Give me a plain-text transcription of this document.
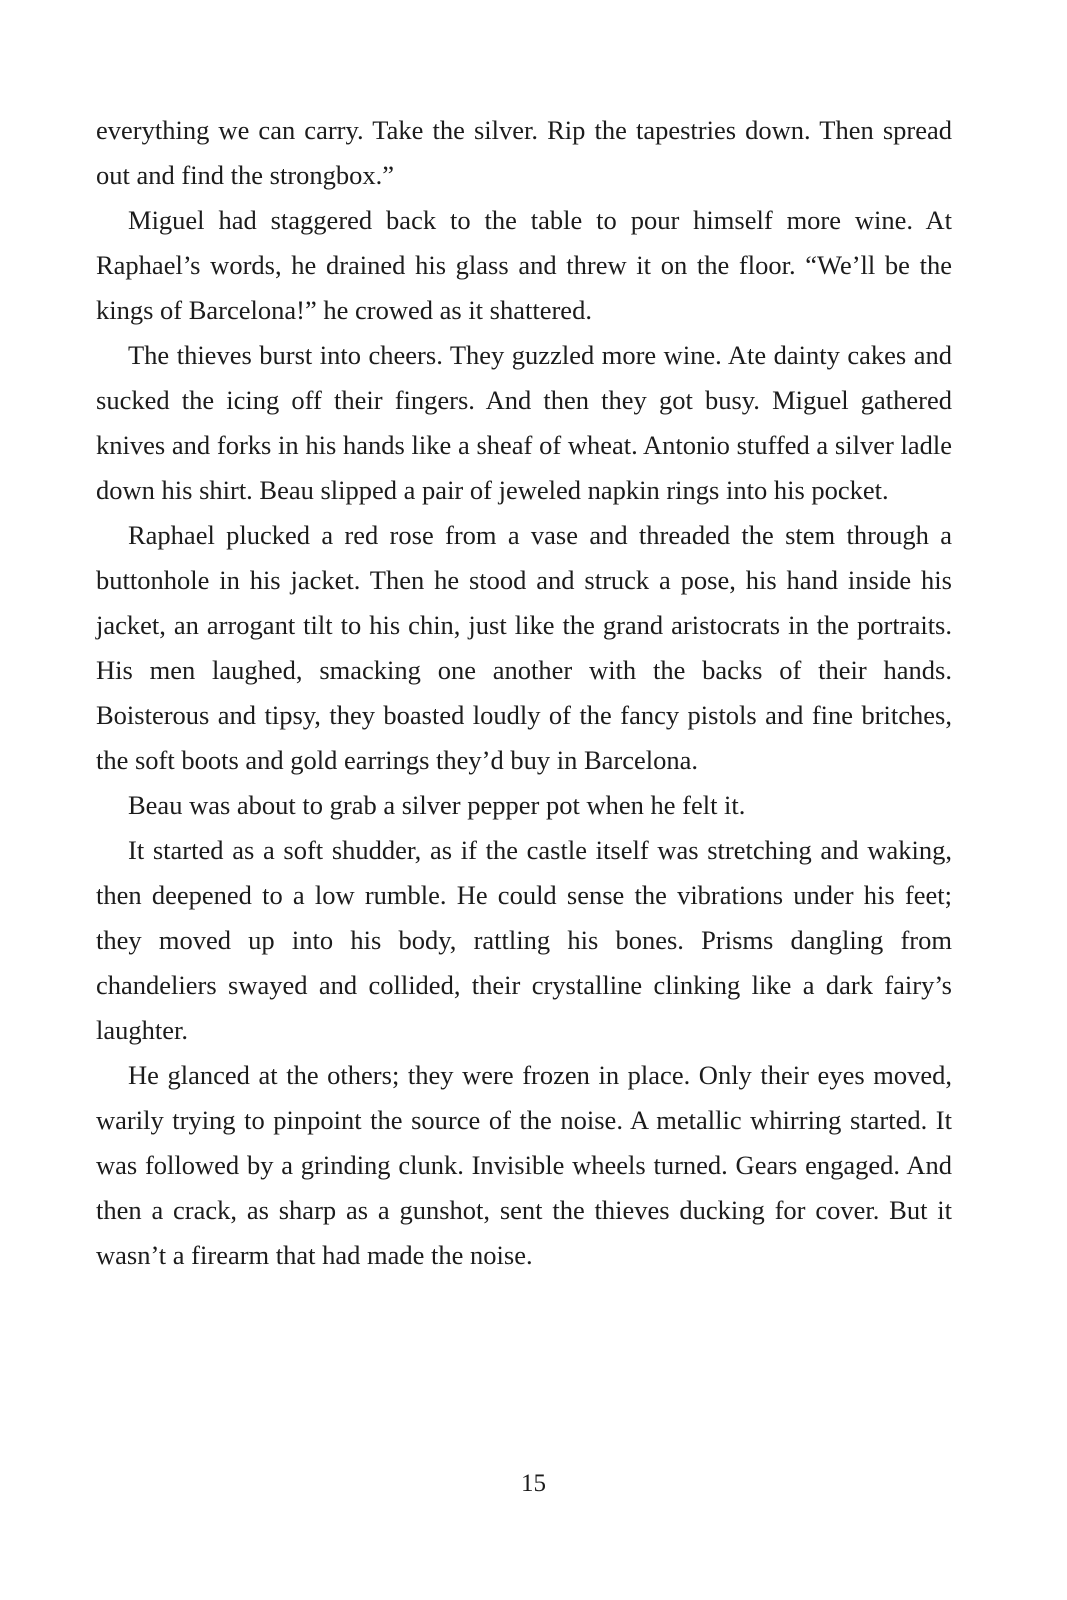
everything we can carry. Take the silver. Rip the tapestries down. Then spread out and find the strongbox.”

Miguel had staggered back to the table to pour himself more wine. At Raphael’s words, he drained his glass and threw it on the floor. “We’ll be the kings of Barcelona!” he crowed as it shattered.

The thieves burst into cheers. They guzzled more wine. Ate dainty cakes and sucked the icing off their fingers. And then they got busy. Miguel gathered knives and forks in his hands like a sheaf of wheat. Antonio stuffed a silver ladle down his shirt. Beau slipped a pair of jeweled napkin rings into his pocket.

Raphael plucked a red rose from a vase and threaded the stem through a buttonhole in his jacket. Then he stood and struck a pose, his hand inside his jacket, an arrogant tilt to his chin, just like the grand aristocrats in the portraits. His men laughed, smacking one another with the backs of their hands. Boisterous and tipsy, they boasted loudly of the fancy pistols and fine britches, the soft boots and gold earrings they’d buy in Barcelona.

Beau was about to grab a silver pepper pot when he felt it.

It started as a soft shudder, as if the castle itself was stretching and waking, then deepened to a low rumble. He could sense the vibrations under his feet; they moved up into his body, rattling his bones. Prisms dangling from chandeliers swayed and collided, their crystalline clinking like a dark fairy’s laughter.

He glanced at the others; they were frozen in place. Only their eyes moved, warily trying to pinpoint the source of the noise. A metallic whirring started. It was followed by a grinding clunk. Invisible wheels turned. Gears engaged. And then a crack, as sharp as a gunshot, sent the thieves ducking for cover. But it wasn’t a firearm that had made the noise.

15
